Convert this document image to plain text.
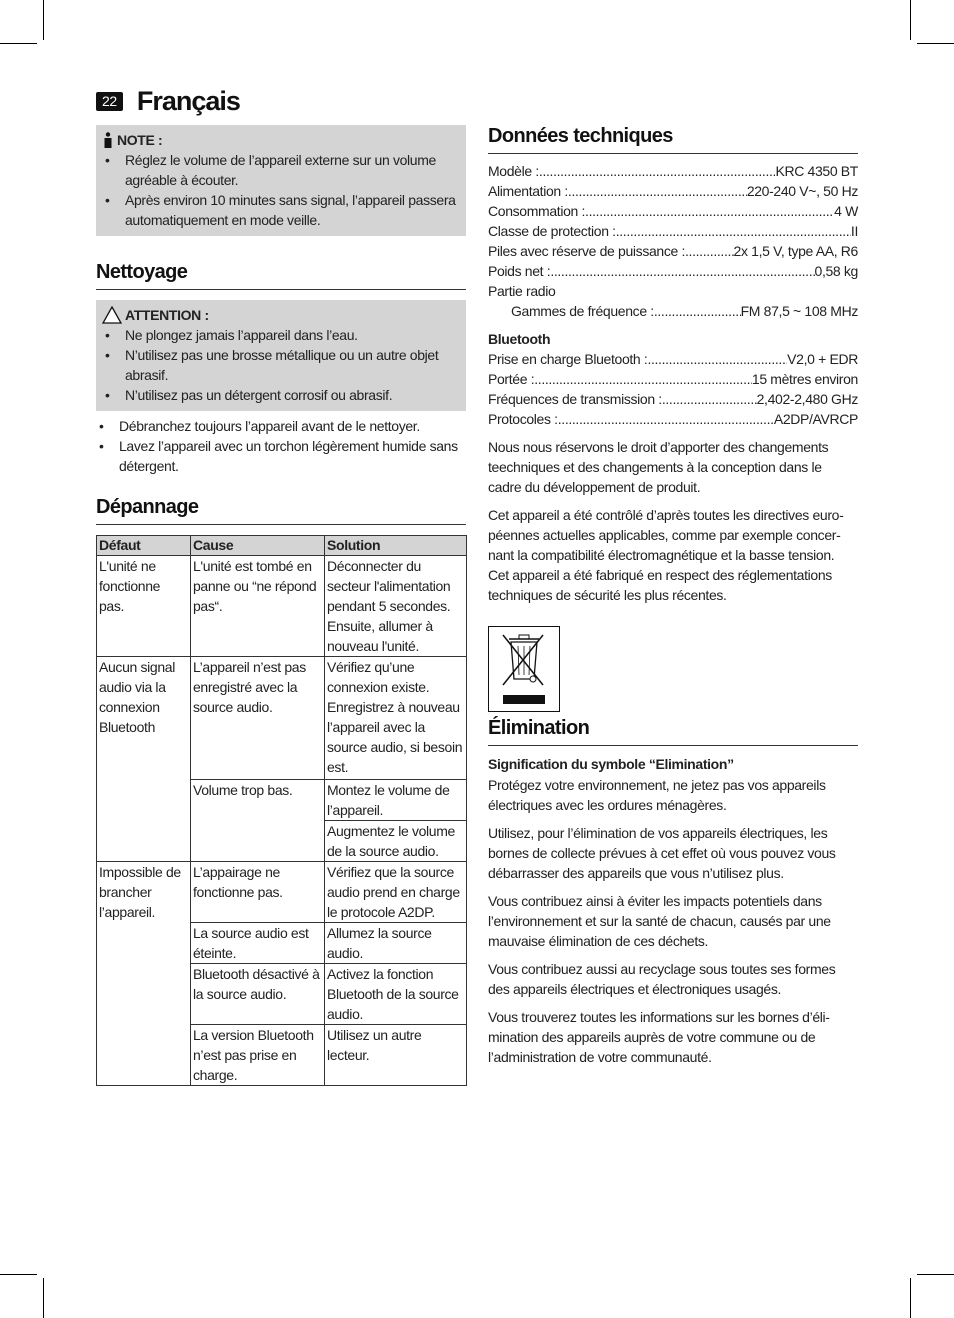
22 Français
NOTE :
• Réglez le volume de l’appareil externe sur un volume agréable à écouter.
• Après environ 10 minutes sans signal, l’appareil passera automatiquement en mode veille.
Nettoyage
ATTENTION :
• Ne plongez jamais l’appareil dans l’eau.
• N’utilisez pas une brosse métallique ou un autre objet abrasif.
• N’utilisez pas un détergent corrosif ou abrasif.
• Débranchez toujours l’appareil avant de le nettoyer.
• Lavez l’appareil avec un torchon légèrement humide sans détergent.
Dépannage
Défaut	Cause	Solution
L'unité ne fonctionne pas.	L'unité est tombé en panne ou “ne répond pas“.	Déconnecter du secteur l'alimentation pendant 5 secondes. Ensuite, allumer à nouveau l'unité.
Aucun signal audio via la connexion Bluetooth	L’appareil n’est pas enregistré avec la source audio.	Vérifiez qu’une connexion existe. Enregistrez à nouveau l’appareil avec la source audio, si besoin est.
	Volume trop bas.	Montez le volume de l’appareil.
		Augmentez le volume de la source audio.
Impossible de brancher l’appareil.	L’appairage ne fonctionne pas.	Vérifiez que la source audio prend en charge le protocole A2DP.
	La source audio est éteinte.	Allumez la source audio.
	Bluetooth désactivé à la source audio.	Activez la fonction Bluetooth de la source audio.
	La version Bluetooth n’est pas prise en charge.	Utilisez un autre lecteur.
Données techniques
Modèle : .....	KRC 4350 BT
Alimentation : .....	220-240 V~, 50 Hz
Consommation : .....	4 W
Classe de protection : .....	II
Piles avec réserve de puissance : .....	2x 1,5 V, type AA, R6
Poids net : .....	0,58 kg

Partie radio

Gammes de fréquence : .....	FM 87,5 ~ 108 MHz

Bluetooth

Prise en charge Bluetooth : .....	V2,0 + EDR
Portée : .....	15 mètres environ
Fréquences de transmission : .....	2,402-2,480 GHz
Protocoles : .....	A2DP/AVRCP

Nous nous réservons le droit d’apporter des changements teechniques et des changements à la conception dans le cadre du développement de produit.

Cet appareil a été contrôlé d’après toutes les directives euro-péennes actuelles applicables, comme par exemple concer-nant la compatibilité électromagnétique et la basse tension. Cet appareil a été fabriqué en respect des réglementations techniques de sécurité les plus récentes.

Élimination

Signification du symbole “Elimination”

Protégez votre environnement, ne jetez pas vos appareils électriques avec les ordures ménagères.

Utilisez, pour l’élimination de vos appareils électriques, les bornes de collecte prévues à cet effet où vous pouvez vous débarrasser des appareils que vous n’utilisez plus.

Vous contribuez ainsi à éviter les impacts potentiels dans l’environnement et sur la santé de chacun, causés par une mauvaise élimination de ces déchets.

Vous contribuez aussi au recyclage sous toutes ses formes des appareils électriques et électroniques usagés.

Vous trouverez toutes les informations sur les bornes d’éli-mination des appareils auprès de votre commune ou de l’administration de votre communauté.
